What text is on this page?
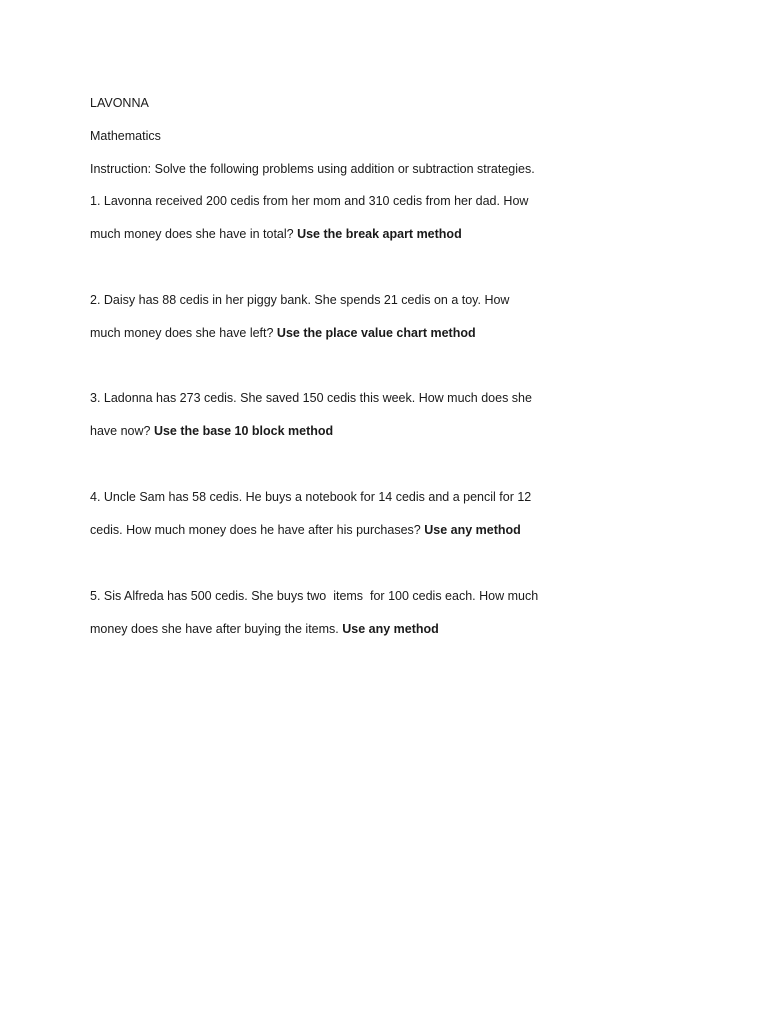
LAVONNA

Mathematics

Instruction: Solve the following problems using addition or subtraction strategies.

1. Lavonna received 200 cedis from her mom and 310 cedis from her dad. How

much money does she have in total? Use the break apart method

2. Daisy has 88 cedis in her piggy bank. She spends 21 cedis on a toy. How

much money does she have left? Use the place value chart method

3. Ladonna has 273 cedis. She saved 150 cedis this week. How much does she

have now? Use the base 10 block method

4. Uncle Sam has 58 cedis. He buys a notebook for 14 cedis and a pencil for 12

cedis. How much money does he have after his purchases? Use any method

5. Sis Alfreda has 500 cedis. She buys two  items  for 100 cedis each. How much

money does she have after buying the items. Use any method
